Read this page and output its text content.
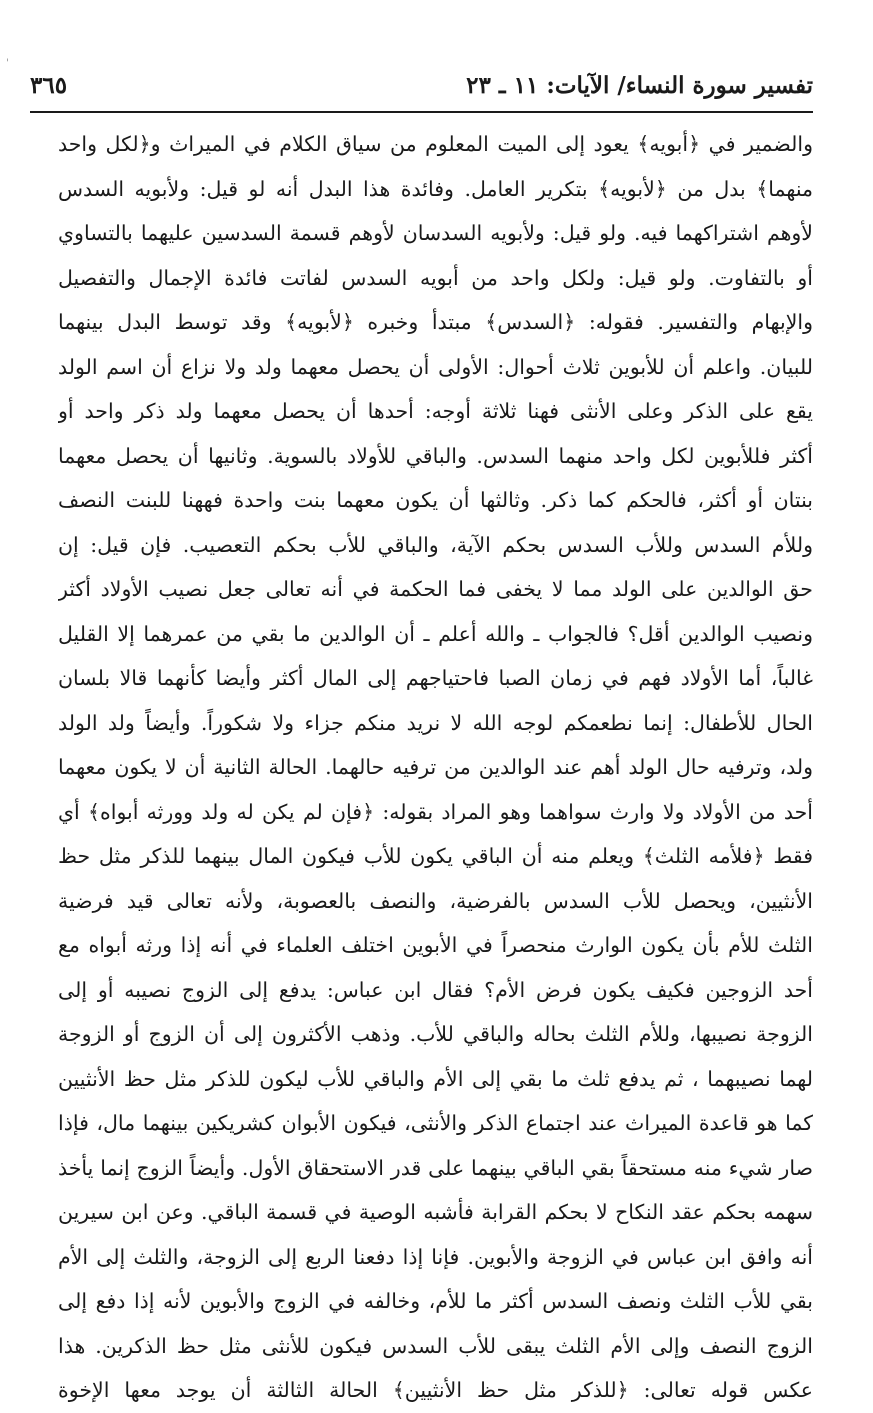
'
تفسير سورة النساء/ الآيات: ١١ ـ ٢٣
٣٦٥
والضمير في ﴿أبويه﴾ يعود إلى الميت المعلوم من سياق الكلام في الميراث و﴿لكل واحد
منهما﴾ بدل من ﴿لأبويه﴾ بتكرير العامل. وفائدة هذا البدل أنه لو قيل: ولأبويه السدس
لأوهم اشتراكهما فيه. ولو قيل: ولأبويه السدسان لأوهم قسمة السدسين عليهما بالتساوي
أو بالتفاوت. ولو قيل: ولكل واحد من أبويه السدس لفاتت فائدة الإجمال والتفصيل
والإبهام والتفسير. فقوله: ﴿السدس﴾ مبتدأ وخبره ﴿لأبويه﴾ وقد توسط البدل بينهما
للبيان. واعلم أن للأبوين ثلاث أحوال: الأولى أن يحصل معهما ولد ولا نزاع أن اسم الولد
يقع على الذكر وعلى الأنثى فهنا ثلاثة أوجه: أحدها أن يحصل معهما ولد ذكر واحد أو
أكثر فللأبوين لكل واحد منهما السدس. والباقي للأولاد بالسوية. وثانيها أن يحصل معهما
بنتان أو أكثر، فالحكم كما ذكر. وثالثها أن يكون معهما بنت واحدة فههنا للبنت النصف
وللأم السدس وللأب السدس بحكم الآية، والباقي للأب بحكم التعصيب. فإن قيل: إن
حق الوالدين على الولد مما لا يخفى فما الحكمة في أنه تعالى جعل نصيب الأولاد أكثر
ونصيب الوالدين أقل؟ فالجواب ـ والله أعلم ـ أن الوالدين ما بقي من عمرهما إلا القليل
غالباً، أما الأولاد فهم في زمان الصبا فاحتياجهم إلى المال أكثر وأيضا كأنهما قالا بلسان
الحال للأطفال: إنما نطعمكم لوجه الله لا نريد منكم جزاء ولا شكوراً. وأيضاً ولد الولد
ولد، وترفيه حال الولد أهم عند الوالدين من ترفيه حالهما. الحالة الثانية أن لا يكون معهما
أحد من الأولاد ولا وارث سواهما وهو المراد بقوله: ﴿فإن لم يكن له ولد وورثه أبواه﴾ أي
فقط ﴿فلأمه الثلث﴾ ويعلم منه أن الباقي يكون للأب فيكون المال بينهما للذكر مثل حظ
الأنثيين، ويحصل للأب السدس بالفرضية، والنصف بالعصوبة، ولأنه تعالى قيد فرضية
الثلث للأم بأن يكون الوارث منحصراً في الأبوين اختلف العلماء في أنه إذا ورثه أبواه مع
أحد الزوجين فكيف يكون فرض الأم؟ فقال ابن عباس: يدفع إلى الزوج نصيبه أو إلى
الزوجة نصيبها، وللأم الثلث بحاله والباقي للأب. وذهب الأكثرون إلى أن الزوج أو الزوجة
لهما نصيبهما ، ثم يدفع ثلث ما بقي إلى الأم والباقي للأب ليكون للذكر مثل حظ الأنثيين
كما هو قاعدة الميراث عند اجتماع الذكر والأنثى، فيكون الأبوان كشريكين بينهما مال، فإذا
صار شيء منه مستحقاً بقي الباقي بينهما على قدر الاستحقاق الأول. وأيضاً الزوج إنما يأخذ
سهمه بحكم عقد النكاح لا بحكم القرابة فأشبه الوصية في قسمة الباقي. وعن ابن سيرين
أنه وافق ابن عباس في الزوجة والأبوين. فإنا إذا دفعنا الربع إلى الزوجة، والثلث إلى الأم
بقي للأب الثلث ونصف السدس أكثر ما للأم، وخالفه في الزوج والأبوين لأنه إذا دفع إلى
الزوج النصف وإلى الأم الثلث يبقى للأب السدس فيكون للأنثى مثل حظ الذكرين. هذا
عكس قوله تعالى: ﴿للذكر مثل حظ الأنثيين﴾ الحالة الثالثة أن يوجد معها الإخوة
